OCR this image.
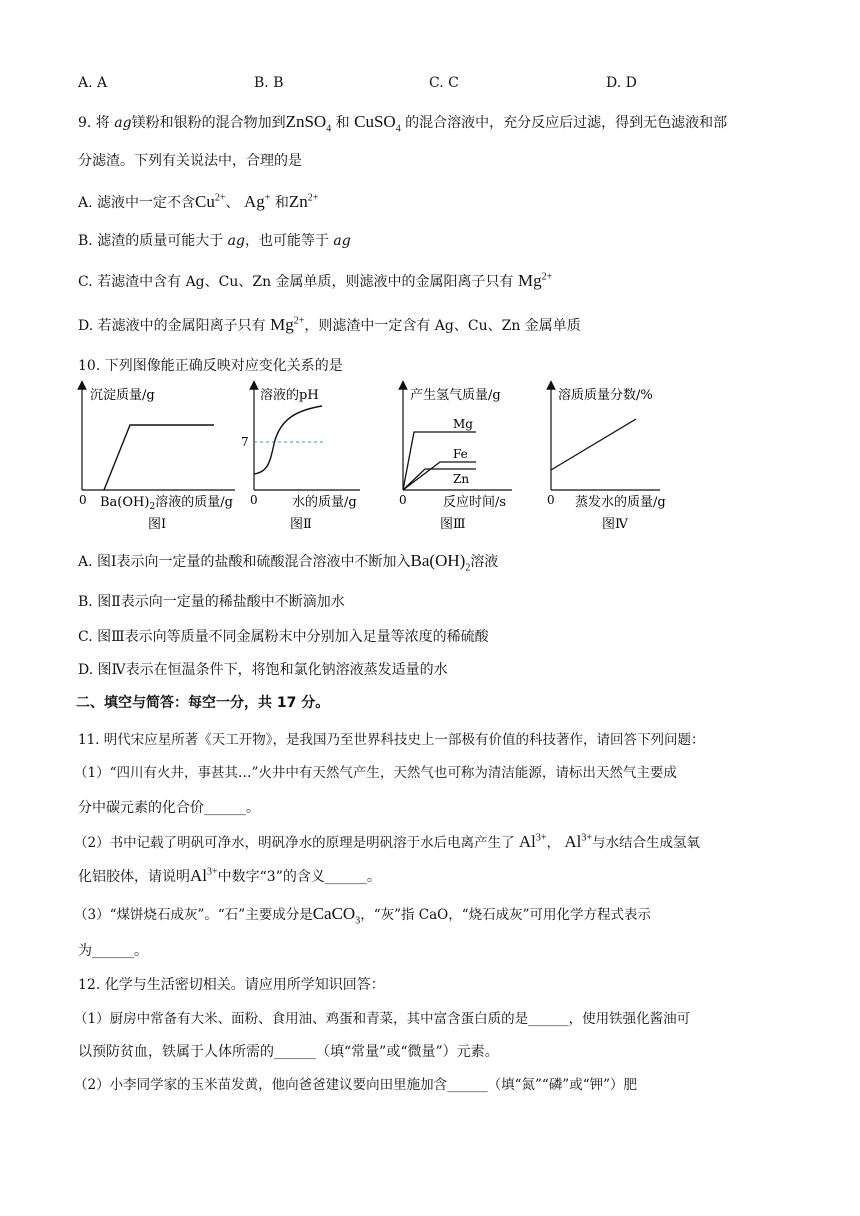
A. A	B. B	C. C	D. D
9. 将 ag镁粉和银粉的混合物加到ZnSO$_4$ 和 CuSO$_4$ 的混合溶液中，充分反应后过滤，得到无色滤液和部
分滤渣。下列有关说法中，合理的是
A. 滤液中一定不含$Cu^{2+}$、 Ag+ 和$Zn^{2+}$
B. 滤渣的质量可能大于 ag，也可能等于 ag
C. 若滤渣中含有 Ag、Cu、Zn 金属单质，则滤液中的金属阳离子只有 $Mg^{2+}$
D. 若滤液中的金属阳离子只有 $Mg^{2+}$，则滤渣中一定含有 Ag、Cu、Zn 金属单质
10. 下列图像能正确反映对应变化关系的是
沉淀质量/g
0 $Ba(OH)_2$溶液的质量/g
图Ⅰ
溶液的pH
0
7
水的质量/g
图Ⅱ
产生氢气质量/g
0
Mg
Fe
Zn
反应时间/s
图Ⅲ
溶质质量分数/%
0 蒸发水的质量/g
图Ⅳ
A. 图Ⅰ表示向一定量的盐酸和硫酸混合溶液中不断加入$Ba(OH)_2$溶液
B. 图Ⅱ表示向一定量的稀盐酸中不断滴加水
C. 图Ⅲ表示向等质量不同金属粉末中分别加入足量等浓度的稀硫酸
D. 图Ⅳ表示在恒温条件下，将饱和氯化钠溶液蒸发适量的水
二、填空与简答：每空一分，共 17 分。
11. 明代宋应星所著《天工开物》，是我国乃至世界科技史上一部极有价值的科技著作，请回答下列问题：
（1）“四川有火井，事甚其…”火井中有天然气产生，天然气也可称为清洁能源，请标出天然气主要成
分中碳元素的化合价______。
（2）书中记载了明矾可净水，明矾净水的原理是明矾溶于水后电离产生了 $Al^{3+}$， $Al^{3+}$与水结合生成氢氧
化铝胶体，请说明$Al^{3+}$中数字“3”的含义______。
（3）“煤饼烧石成灰”。“石”主要成分是CaCO$_3$，“灰”指 CaO，“烧石成灰”可用化学方程式表示
为______。
12. 化学与生活密切相关。请应用所学知识回答：
（1）厨房中常备有大米、面粉、食用油、鸡蛋和青菜，其中富含蛋白质的是______，使用铁强化酱油可
以预防贫血，铁属于人体所需的______（填“常量”或“微量”）元素。
（2）小李同学家的玉米苗发黄，他向爸爸建议要向田里施加含______（填“氮”“磷”或“钾”）肥
